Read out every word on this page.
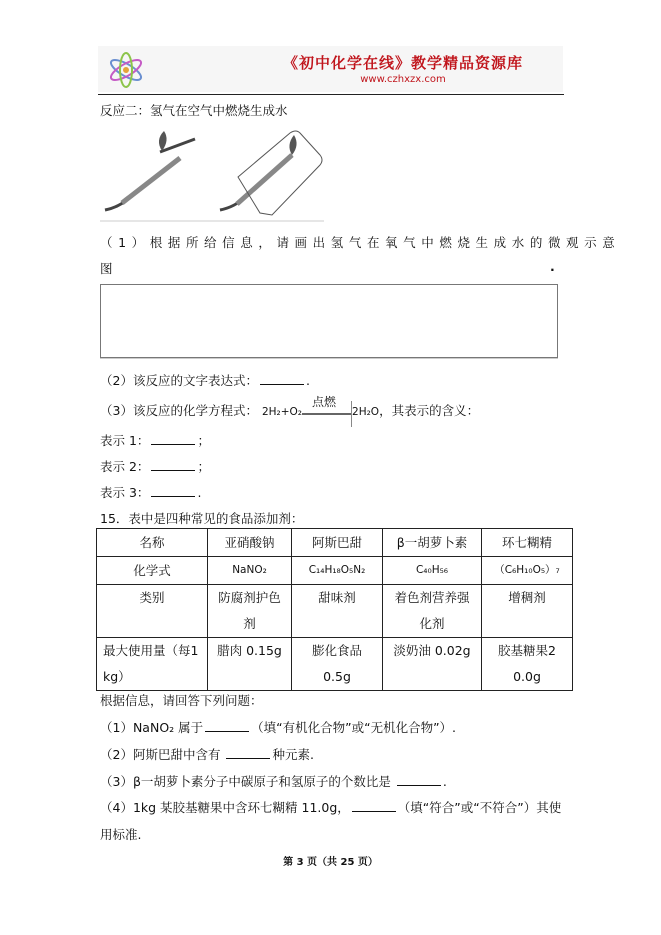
《初中化学在线》教学精品资源库
www.czhxzx.com
反应二：氢气在空气中燃烧生成水
（1）根据所给信息，请画出氢气在氧气中燃烧生成水的微观示意
图	.
（2）该反应的文字表达式：	.
（3）该反应的化学方程式： 2H₂+O₂
点燃
2H₂O，其表示的含义：
表示 1：	；
表示 2：	；
表示 3：	.
15．表中是四种常见的食品添加剂：
名称	亚硝酸钠	阿斯巴甜	β一胡萝卜素	环七糊精
化学式	NaNO₂	C₁₄H₁₈O₅N₂	C₄₀H₅₆	（C₆H₁₀O₅）₇
类别	防腐剂护色剂	甜味剂	着色剂营养强化剂	增稠剂
最大使用量（每1kg）	腊肉 0.15g	膨化食品0.5g	淡奶油 0.02g	胶基糖果20.0g
根据信息，请回答下列问题：
（1）NaNO₂ 属于	（填“有机化合物”或“无机化合物”）.
（2）阿斯巴甜中含有	种元素.
（3）β一胡萝卜素分子中碳原子和氢原子的个数比是	.
（4）1kg 某胶基糖果中含环七糊精 11.0g，	（填“符合”或“不符合”）其使
用标准.
第 3 页（共 25 页）
